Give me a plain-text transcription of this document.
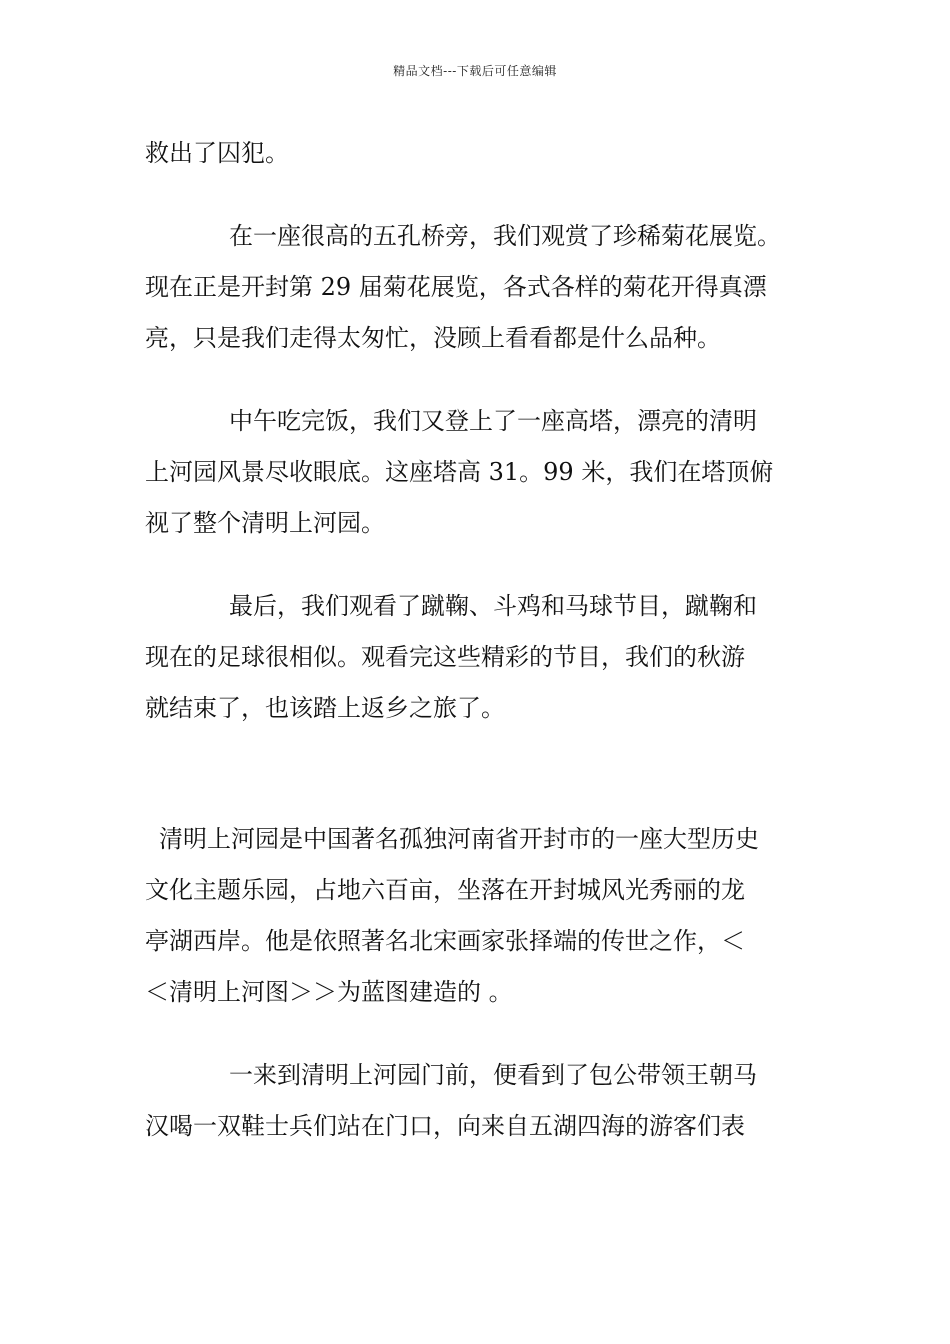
精品文档---下载后可任意编辑

救出了囚犯。

在一座很高的五孔桥旁，我们观赏了珍稀菊花展览。
现在正是开封第 29 届菊花展览，各式各样的菊花开得真漂
亮，只是我们走得太匆忙，没顾上看看都是什么品种。

中午吃完饭，我们又登上了一座高塔，漂亮的清明
上河园风景尽收眼底。这座塔高 31。99 米，我们在塔顶俯
视了整个清明上河园。

最后，我们观看了蹴鞠、斗鸡和马球节目，蹴鞠和
现在的足球很相似。观看完这些精彩的节目，我们的秋游
就结束了，也该踏上返乡之旅了。

清明上河园是中国著名孤独河南省开封市的一座大型历史
文化主题乐园，占地六百亩，坐落在开封城风光秀丽的龙
亭湖西岸。他是依照著名北宋画家张择端的传世之作，＜
＜清明上河图＞＞为蓝图建造的 。

一来到清明上河园门前，便看到了包公带领王朝马
汉喝一双鞋士兵们站在门口，向来自五湖四海的游客们表
